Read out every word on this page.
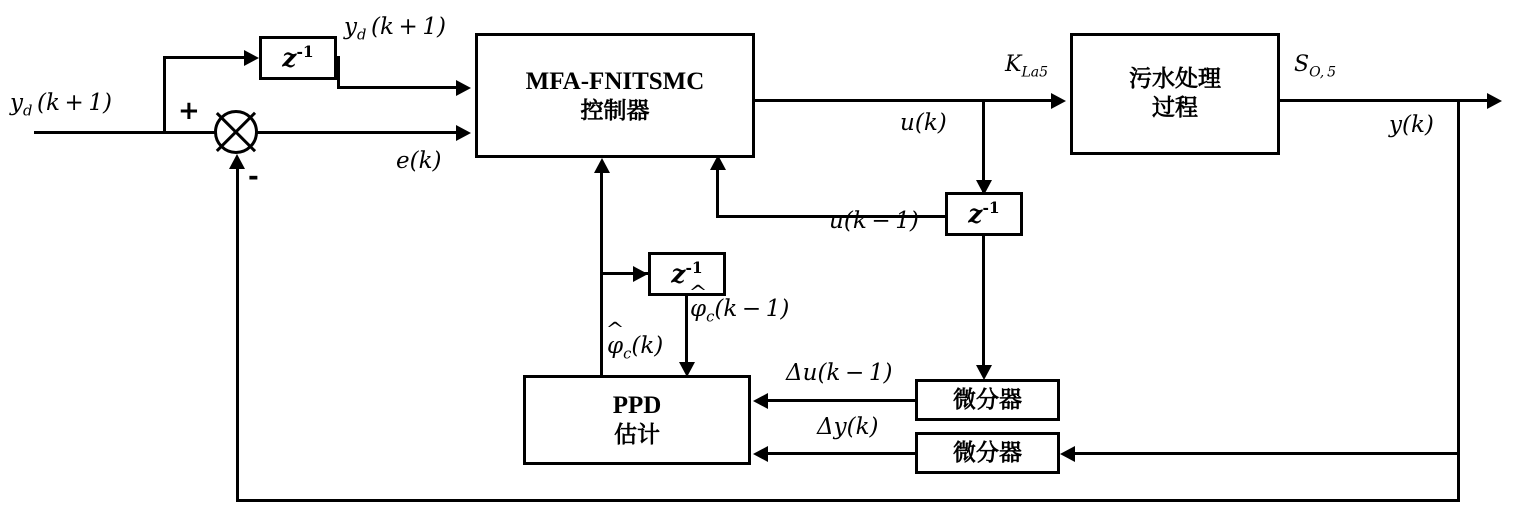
$z^{-1}$
MFA-FNITSMC
控制器
污水处理
过程
$z^{-1}$
$z^{-1}$
PPD
估计
微分器
微分器
+
-
$y_d$ (k + 1)
$y_d$ (k + 1)
e(k)
$K_{La5}$
u(k)
u(k − 1)
$S_{O, 5}$
y(k)
^ $\varphi_c(k)$
^ $\varphi_c(k - 1)$
Δu(k − 1)
Δy(k)
